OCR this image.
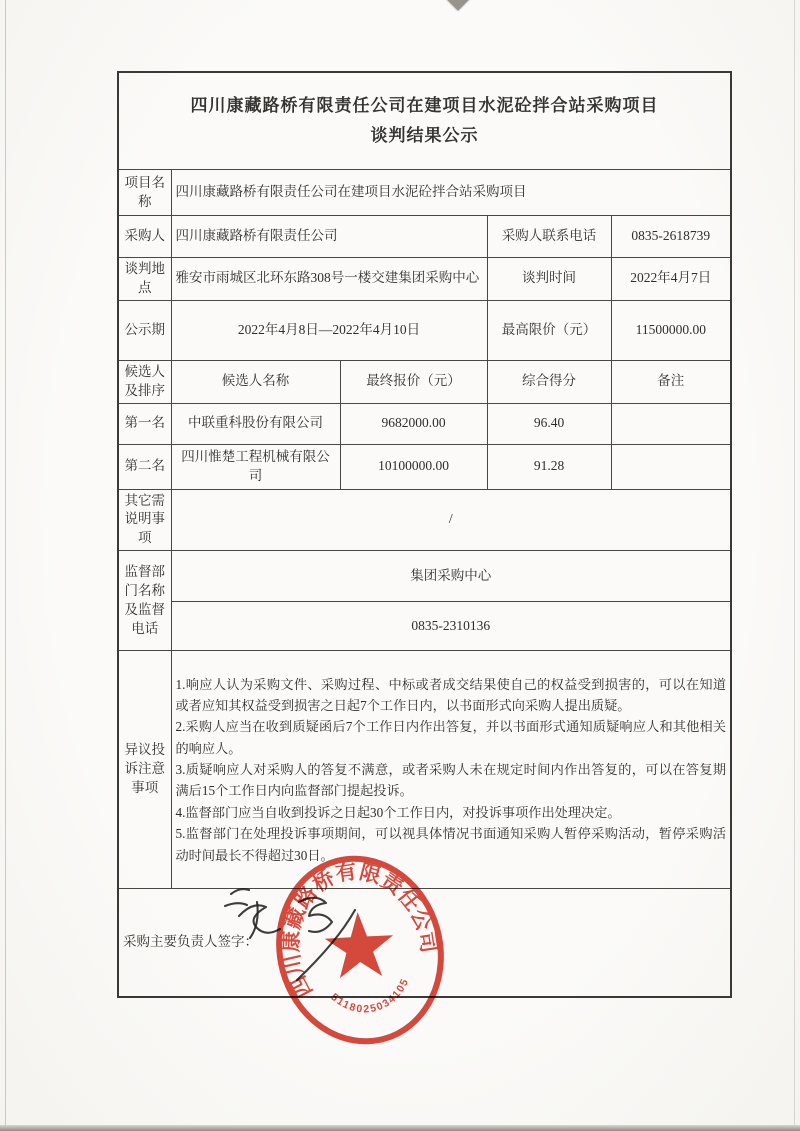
四川康藏路桥有限责任公司在建项目水泥砼拌合站采购项目
谈判结果公示				

项目名称	四川康藏路桥有限责任公司在建项目水泥砼拌合站采购项目			
采购人	四川康藏路桥有限责任公司		采购人联系电话	0835-2618739
谈判地点	雅安市雨城区北环东路308号一楼交建集团采购中心		谈判时间	2022年4月7日
公示期	2022年4月8日—2022年4月10日		最高限价（元）	11500000.00
候选人及排序	候选人名称	最终报价（元）	综合得分	备注
第一名	中联重科股份有限公司	9682000.00	96.40	
第二名	四川惟楚工程机械有限公司	10100000.00	91.28	
其它需说明事项	/			
监督部门名称及监督电话	集团采购中心			
	0835-2310136			
异议投诉注意事项	1.响应人认为采购文件、采购过程、中标或者成交结果使自己的权益受到损害的，可以在知道或者应知其权益受到损害之日起7个工作日内，以书面形式向采购人提出质疑。
2.采购人应当在收到质疑函后7个工作日内作出答复，并以书面形式通知质疑响应人和其他相关的响应人。
3.质疑响应人对采购人的答复不满意，或者采购人未在规定时间内作出答复的，可以在答复期满后15个工作日内向监督部门提起投诉。
4.监督部门应当自收到投诉之日起30个工作日内，对投诉事项作出处理决定。
5.监督部门在处理投诉事项期间，可以视具体情况书面通知采购人暂停采购活动，暂停采购活动时间最长不得超过30日。			

采购主要负责人签字：				
四川康藏路桥有限责任公司
5118025034105
